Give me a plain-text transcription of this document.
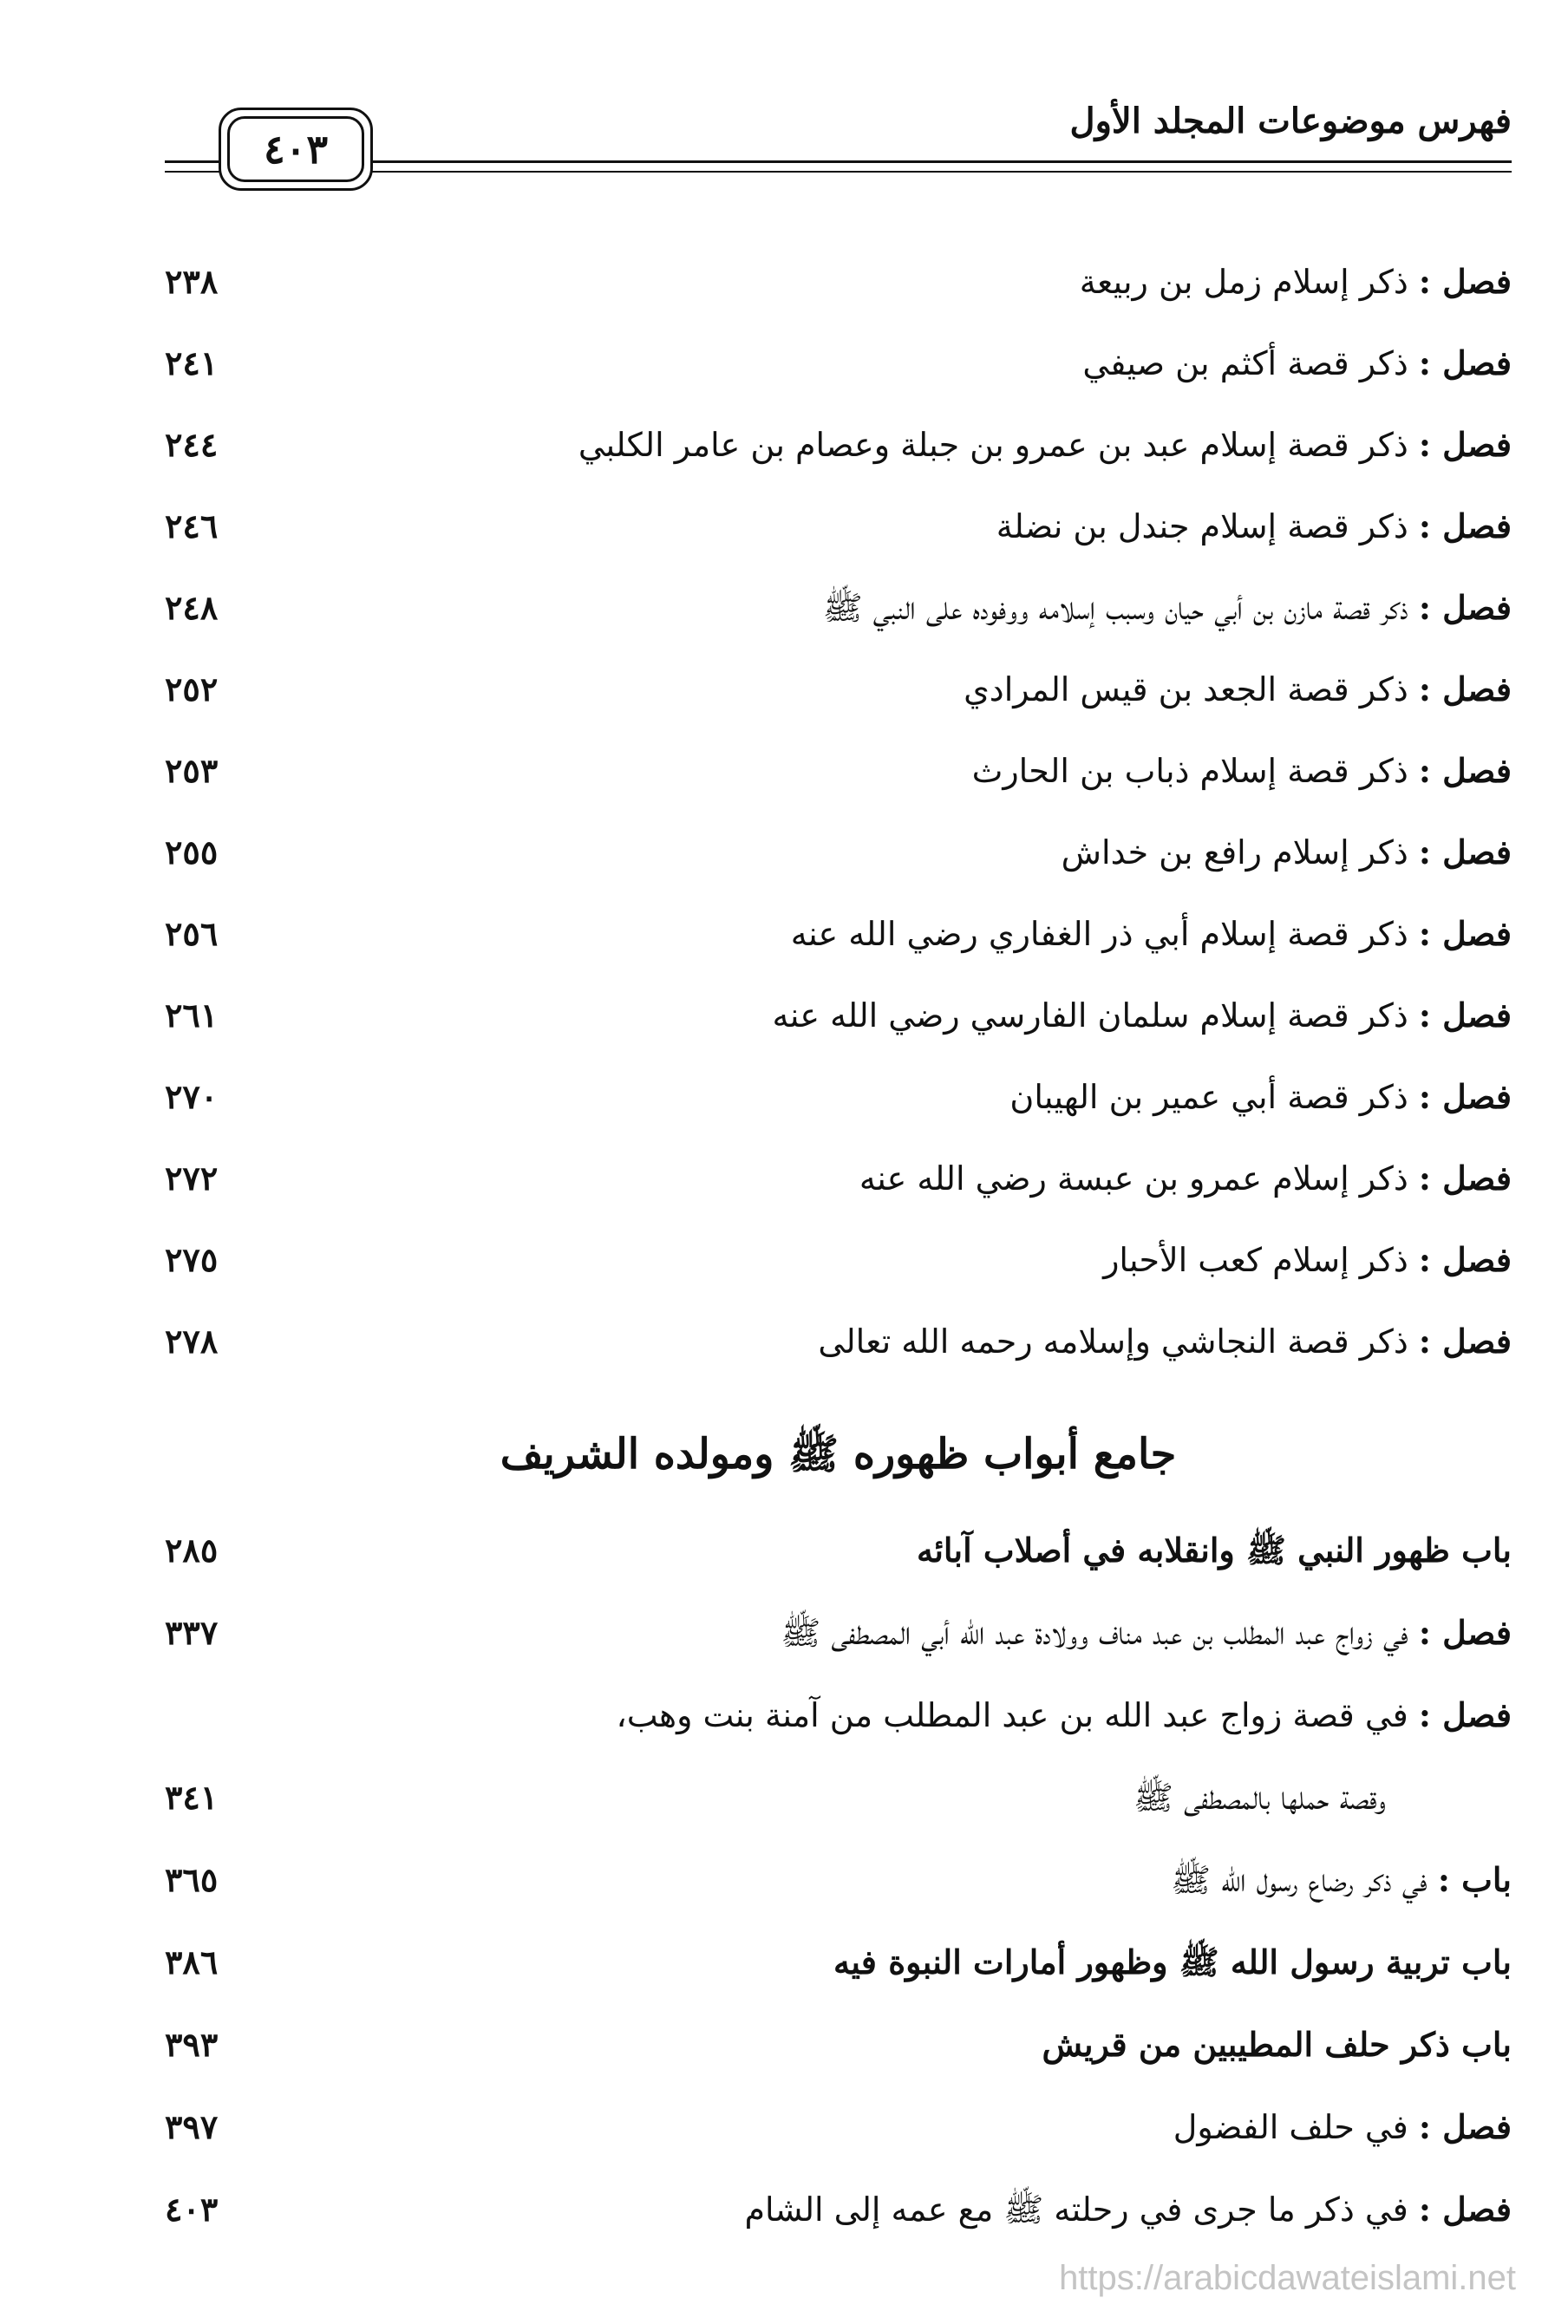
فهرس موضوعات المجلد الأول
٤٠٣
فصل : ذكر إسلام زمل بن ربيعة
٢٣٨
فصل : ذكر قصة أكثم بن صيفي
٢٤١
فصل : ذكر قصة إسلام عبد بن عمرو بن جبلة وعصام بن عامر الكلبي
٢٤٤
فصل : ذكر قصة إسلام جندل بن نضلة
٢٤٦
فصل : ذكر قصة مازن بن أبي حيان وسبب إسلامه ووفوده على النبي ﷺ
٢٤٨
فصل : ذكر قصة الجعد بن قيس المرادي
٢٥٢
فصل : ذكر قصة إسلام ذباب بن الحارث
٢٥٣
فصل : ذكر إسلام رافع بن خداش
٢٥٥
فصل : ذكر قصة إسلام أبي ذر الغفاري رضي الله عنه
٢٥٦
فصل : ذكر قصة إسلام سلمان الفارسي رضي الله عنه
٢٦١
فصل : ذكر قصة أبي عمير بن الهيبان
٢٧٠
فصل : ذكر إسلام عمرو بن عبسة رضي الله عنه
٢٧٢
فصل : ذكر إسلام كعب الأحبار
٢٧٥
فصل : ذكر قصة النجاشي وإسلامه رحمه الله تعالى
٢٧٨
جامع أبواب ظهوره ﷺ ومولده الشريف
باب ظهور النبي ﷺ وانقلابه في أصلاب آبائه
٢٨٥
فصل : في زواج عبد المطلب بن عبد مناف وولادة عبد الله أبي المصطفى ﷺ
٣٣٧
فصل : في قصة زواج عبد الله بن عبد المطلب من آمنة بنت وهب،
وقصة حملها بالمصطفى ﷺ
٣٤١
باب : في ذكر رضاع رسول الله ﷺ
٣٦٥
باب تربية رسول الله ﷺ وظهور أمارات النبوة فيه
٣٨٦
باب ذكر حلف المطيبين من قريش
٣٩٣
فصل : في حلف الفضول
٣٩٧
فصل : في ذكر ما جرى في رحلته ﷺ مع عمه إلى الشام
٤٠٣
https://arabicdawateislami.net
